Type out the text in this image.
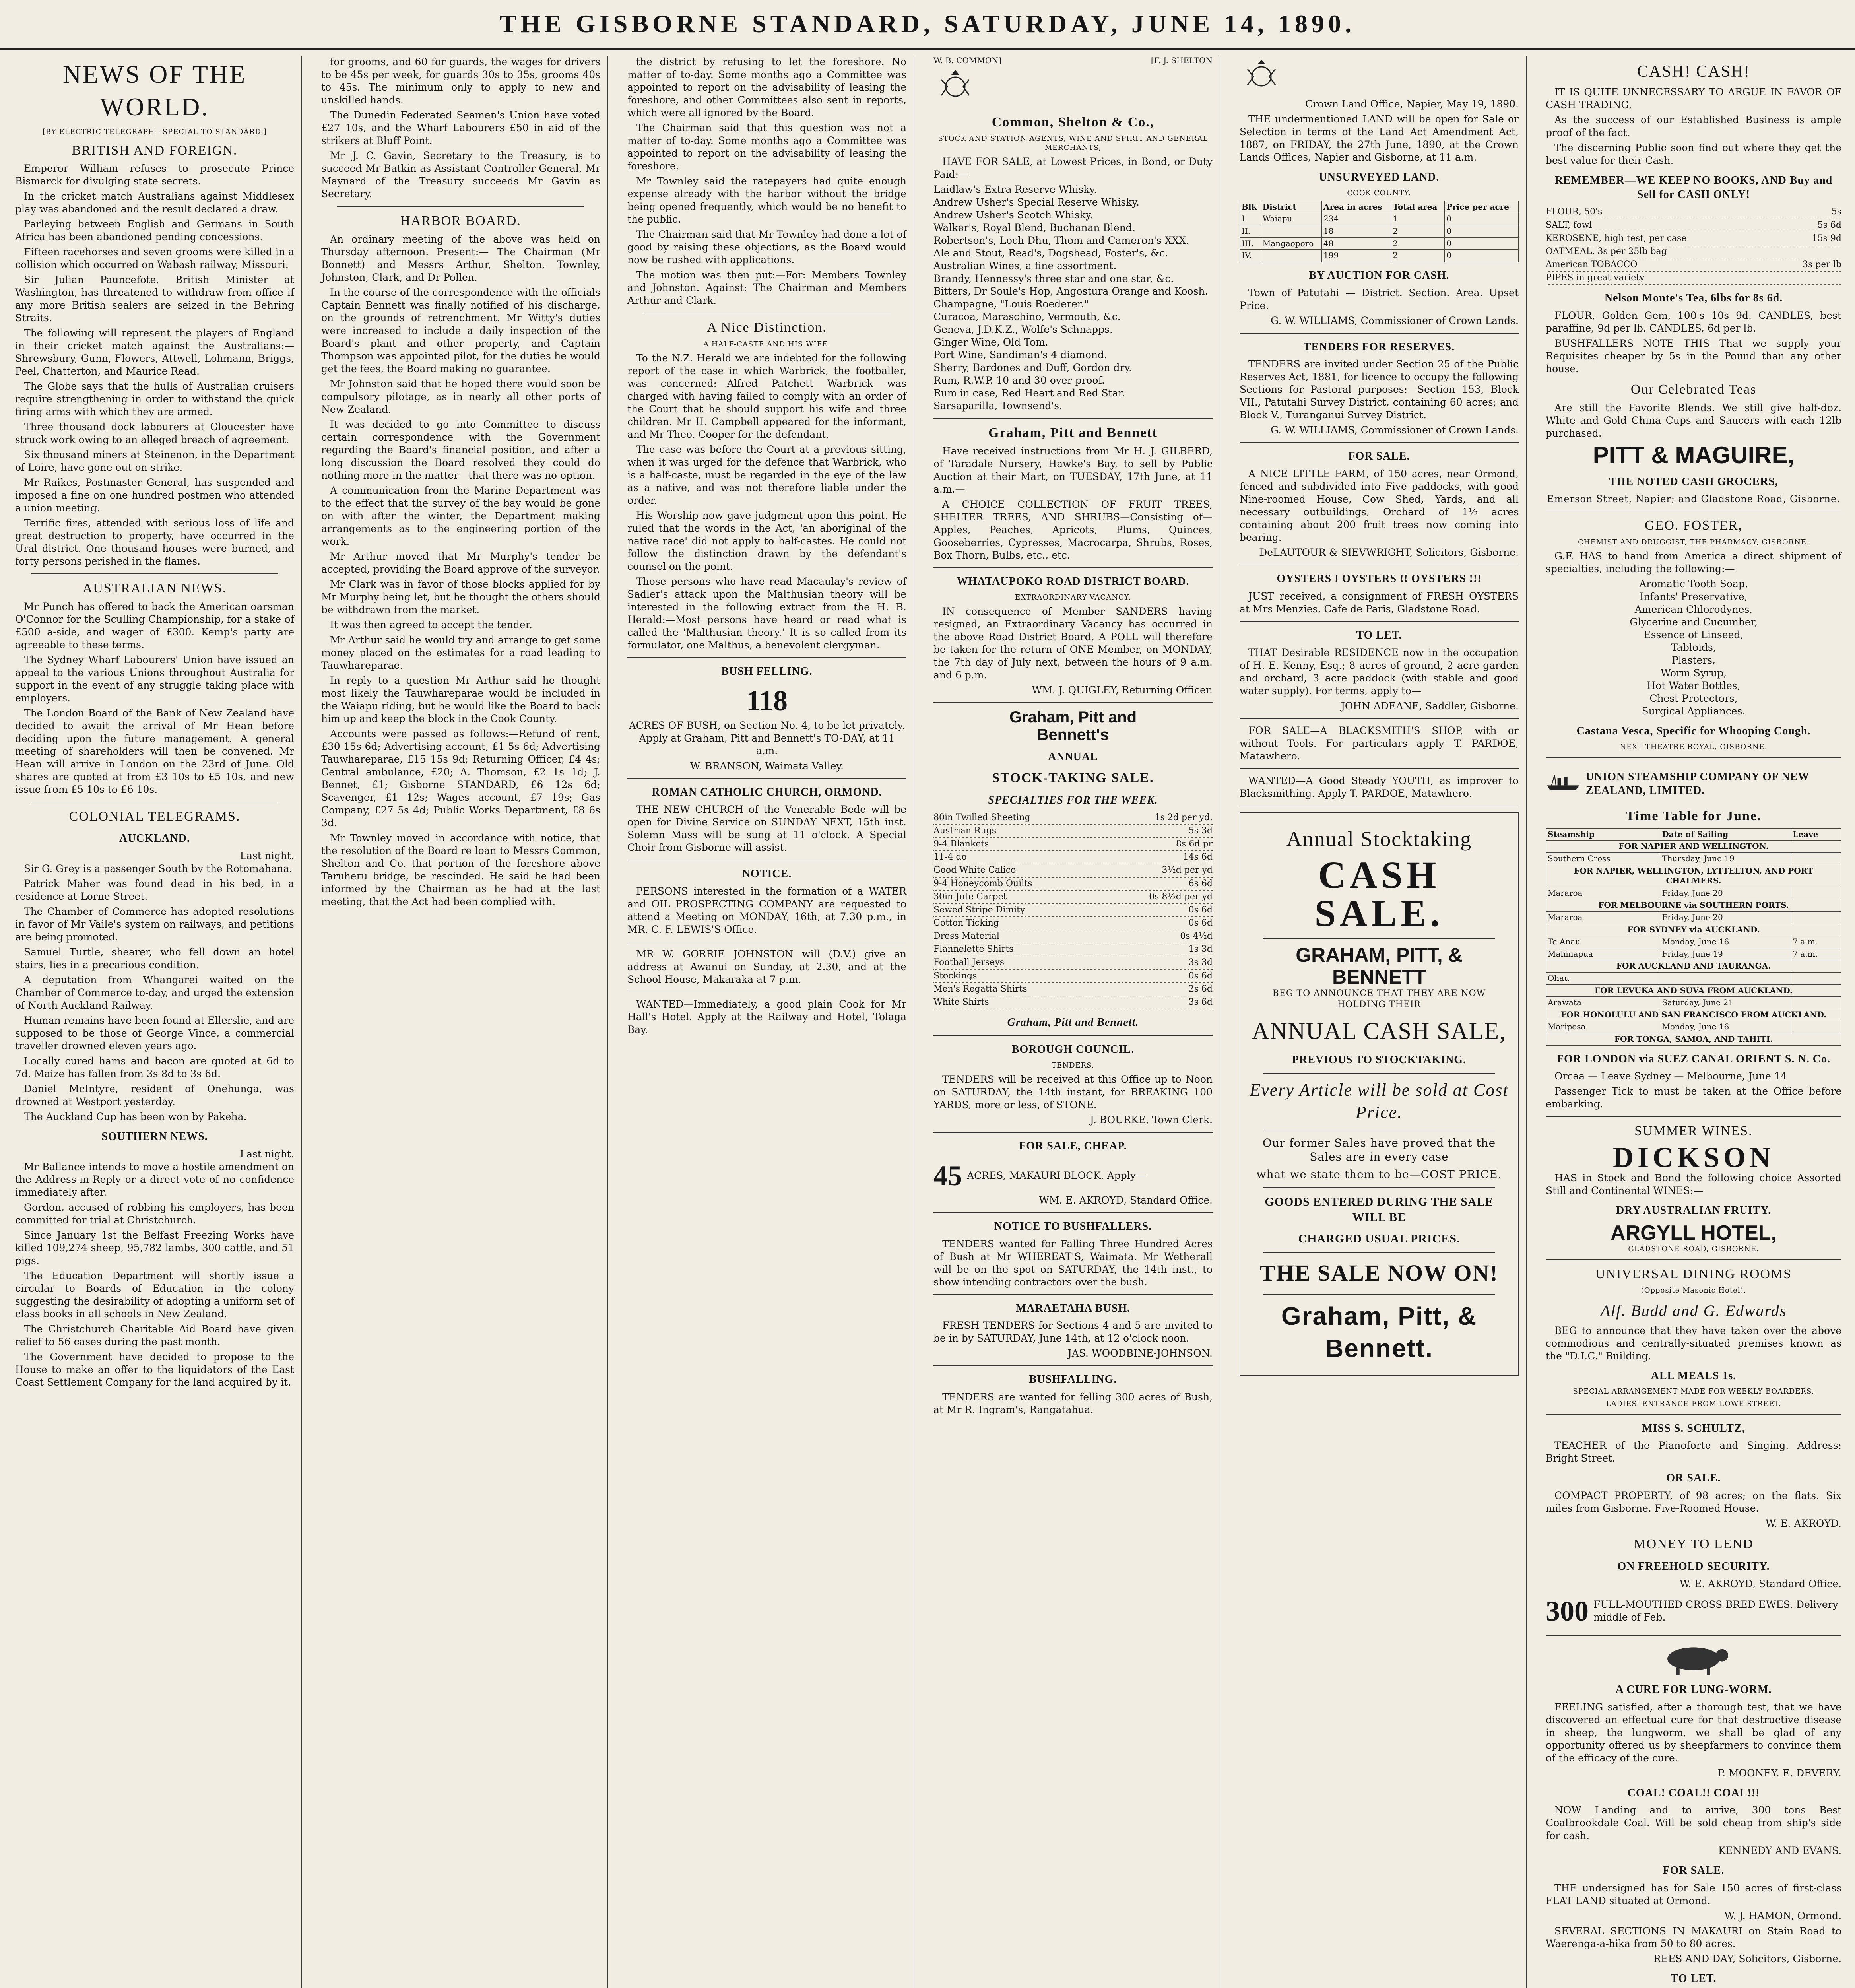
THE GISBORNE STANDARD, SATURDAY, JUNE 14, 1890.
NEWS OF THE WORLD.
[BY ELECTRIC TELEGRAPH—SPECIAL TO STANDARD.]
BRITISH AND FOREIGN.

Emperor William refuses to prosecute Prince Bismarck for divulging state secrets.

In the cricket match Australians against Middlesex play was abandoned and the result declared a draw.

Parleying between English and Germans in South Africa has been abandoned pending concessions.

Fifteen racehorses and seven grooms were killed in a collision which occurred on Wabash railway, Missouri.

Sir Julian Pauncefote, British Minister at Washington, has threatened to withdraw from office if any more British sealers are seized in the Behring Straits.

The following will represent the players of England in their cricket match against the Australians:—Shrewsbury, Gunn, Flowers, Attwell, Lohmann, Briggs, Peel, Chatterton, and Maurice Read.

The Globe says that the hulls of Australian cruisers require strengthening in order to withstand the quick firing arms with which they are armed.

Three thousand dock labourers at Gloucester have struck work owing to an alleged breach of agreement.

Six thousand miners at Steinenon, in the Department of Loire, have gone out on strike.

Mr Raikes, Postmaster General, has suspended and imposed a fine on one hundred postmen who attended a union meeting.

Terrific fires, attended with serious loss of life and great destruction to property, have occurred in the Ural district. One thousand houses were burned, and forty persons perished in the flames.

AUSTRALIAN NEWS.

Mr Punch has offered to back the American oarsman O'Connor for the Sculling Championship, for a stake of £500 a-side, and wager of £300. Kemp's party are agreeable to these terms.

The Sydney Wharf Labourers' Union have issued an appeal to the various Unions throughout Australia for support in the event of any struggle taking place with employers.

The London Board of the Bank of New Zealand have decided to await the arrival of Mr Hean before deciding upon the future management. A general meeting of shareholders will then be convened. Mr Hean will arrive in London on the 23rd of June. Old shares are quoted at from £3 10s to £5 10s, and new issue from £5 10s to £6 10s.

COLONIAL TELEGRAMS.
AUCKLAND.
Last night.

Sir G. Grey is a passenger South by the Rotomahana.

Patrick Maher was found dead in his bed, in a residence at Lorne Street.

The Chamber of Commerce has adopted resolutions in favor of Mr Vaile's system on railways, and petitions are being promoted.

Samuel Turtle, shearer, who fell down an hotel stairs, lies in a precarious condition.

A deputation from Whangarei waited on the Chamber of Commerce to-day, and urged the extension of North Auckland Railway.

Human remains have been found at Ellerslie, and are supposed to be those of George Vince, a commercial traveller drowned eleven years ago.

Locally cured hams and bacon are quoted at 6d to 7d. Maize has fallen from 3s 8d to 3s 6d.

Daniel McIntyre, resident of Onehunga, was drowned at Westport yesterday.

The Auckland Cup has been won by Pakeha.

SOUTHERN NEWS.
Last night.

Mr Ballance intends to move a hostile amendment on the Address-in-Reply or a direct vote of no confidence immediately after.

Gordon, accused of robbing his employers, has been committed for trial at Christchurch.

Since January 1st the Belfast Freezing Works have killed 109,274 sheep, 95,782 lambs, 300 cattle, and 51 pigs.

The Education Department will shortly issue a circular to Boards of Education in the colony suggesting the desirability of adopting a uniform set of class books in all schools in New Zealand.

The Christchurch Charitable Aid Board have given relief to 56 cases during the past month.

The Government have decided to propose to the House to make an offer to the liquidators of the East Coast Settlement Company for the land acquired by it.

for grooms, and 60 for guards, the wages for drivers to be 45s per week, for guards 30s to 35s, grooms 40s to 45s. The minimum only to apply to new and unskilled hands.

The Dunedin Federated Seamen's Union have voted £27 10s, and the Wharf Labourers £50 in aid of the strikers at Bluff Point.

Mr J. C. Gavin, Secretary to the Treasury, is to succeed Mr Batkin as Assistant Controller General, Mr Maynard of the Treasury succeeds Mr Gavin as Secretary.

HARBOR BOARD.

An ordinary meeting of the above was held on Thursday afternoon. Present:— The Chairman (Mr Bonnett) and Messrs Arthur, Shelton, Townley, Johnston, Clark, and Dr Pollen.

In the course of the correspondence with the officials Captain Bennett was finally notified of his discharge, on the grounds of retrenchment. Mr Witty's duties were increased to include a daily inspection of the Board's plant and other property, and Captain Thompson was appointed pilot, for the duties he would get the fees, the Board making no guarantee.

Mr Johnston said that he hoped there would soon be compulsory pilotage, as in nearly all other ports of New Zealand.

It was decided to go into Committee to discuss certain correspondence with the Government regarding the Board's financial position, and after a long discussion the Board resolved they could do nothing more in the matter—that there was no option.

A communication from the Marine Department was to the effect that the survey of the bay would be gone on with after the winter, the Department making arrangements as to the engineering portion of the work.

Mr Arthur moved that Mr Murphy's tender be accepted, providing the Board approve of the surveyor.

Mr Clark was in favor of those blocks applied for by Mr Murphy being let, but he thought the others should be withdrawn from the market.

It was then agreed to accept the tender.

Mr Arthur said he would try and arrange to get some money placed on the estimates for a road leading to Tauwhareparae.

In reply to a question Mr Arthur said he thought most likely the Tauwhareparae would be included in the Waiapu riding, but he would like the Board to back him up and keep the block in the Cook County.

Accounts were passed as follows:—Refund of rent, £30 15s 6d; Advertising account, £1 5s 6d; Advertising Tauwhareparae, £15 15s 9d; Returning Officer, £4 4s; Central ambulance, £20; A. Thomson, £2 1s 1d; J. Bennet, £1; Gisborne STANDARD, £6 12s 6d; Scavenger, £1 12s; Wages account, £7 19s; Gas Company, £27 5s 4d; Public Works Department, £8 6s 3d.

Mr Townley moved in accordance with notice, that the resolution of the Board re loan to Messrs Common, Shelton and Co. that portion of the foreshore above Taruheru bridge, be rescinded. He said he had been informed by the Chairman as he had at the last meeting, that the Act had been complied with.

the district by refusing to let the foreshore. No matter of to-day. Some months ago a Committee was appointed to report on the advisability of leasing the foreshore, and other Committees also sent in reports, which were all ignored by the Board.

The Chairman said that this question was not a matter of to-day. Some months ago a Committee was appointed to report on the advisability of leasing the foreshore.

Mr Townley said the ratepayers had quite enough expense already with the harbor without the bridge being opened frequently, which would be no benefit to the public.

The Chairman said that Mr Townley had done a lot of good by raising these objections, as the Board would now be rushed with applications.

The motion was then put:—For: Members Townley and Johnston. Against: The Chairman and Members Arthur and Clark.

A Nice Distinction.
A HALF-CASTE AND HIS WIFE.

To the N.Z. Herald we are indebted for the following report of the case in which Warbrick, the footballer, was concerned:—Alfred Patchett Warbrick was charged with having failed to comply with an order of the Court that he should support his wife and three children. Mr H. Campbell appeared for the informant, and Mr Theo. Cooper for the defendant.

The case was before the Court at a previous sitting, when it was urged for the defence that Warbrick, who is a half-caste, must be regarded in the eye of the law as a native, and was not therefore liable under the order.

His Worship now gave judgment upon this point. He ruled that the words in the Act, 'an aboriginal of the native race' did not apply to half-castes. He could not follow the distinction drawn by the defendant's counsel on the point.

Those persons who have read Macaulay's review of Sadler's attack upon the Malthusian theory will be interested in the following extract from the H. B. Herald:—Most persons have heard or read what is called the 'Malthusian theory.' It is so called from its formulator, one Malthus, a benevolent clergyman.

BUSH FELLING.
118

ACRES OF BUSH, on Section No. 4, to be let privately. Apply at Graham, Pitt and Bennett's TO-DAY, at 11 a.m.

W. BRANSON, Waimata Valley.

ROMAN CATHOLIC CHURCH, ORMOND.

THE NEW CHURCH of the Venerable Bede will be open for Divine Service on SUNDAY NEXT, 15th inst. Solemn Mass will be sung at 11 o'clock. A Special Choir from Gisborne will assist.

NOTICE.

PERSONS interested in the formation of a WATER and OIL PROSPECTING COMPANY are requested to attend a Meeting on MONDAY, 16th, at 7.30 p.m., in MR. C. F. LEWIS'S Office.

MR W. GORRIE JOHNSTON will (D.V.) give an address at Awanui on Sunday, at 2.30, and at the School House, Makaraka at 7 p.m.

WANTED—Immediately, a good plain Cook for Mr Hall's Hotel. Apply at the Railway and Hotel, Tolaga Bay.

W. B. COMMON]	[F. J. SHELTON
Common, Shelton & Co.,
STOCK AND STATION AGENTS, WINE AND SPIRIT AND GENERAL MERCHANTS,

HAVE FOR SALE, at Lowest Prices, in Bond, or Duty Paid:—

Laidlaw's Extra Reserve Whisky.
Andrew Usher's Special Reserve Whisky.
Andrew Usher's Scotch Whisky.
Walker's, Royal Blend, Buchanan Blend.
Robertson's, Loch Dhu, Thom and Cameron's XXX.
Ale and Stout, Read's, Dogshead, Foster's, &c.
Australian Wines, a fine assortment.
Brandy, Hennessy's three star and one star, &c.
Bitters, Dr Soule's Hop, Angostura Orange and Koosh.
Champagne, "Louis Roederer."
Curacoa, Maraschino, Vermouth, &c.
Geneva, J.D.K.Z., Wolfe's Schnapps.
Ginger Wine, Old Tom.
Port Wine, Sandiman's 4 diamond.
Sherry, Bardones and Duff, Gordon dry.
Rum, R.W.P. 10 and 30 over proof.
Rum in case, Red Heart and Red Star.
Sarsaparilla, Townsend's.
Graham, Pitt and Bennett

Have received instructions from Mr H. J. GILBERD, of Taradale Nursery, Hawke's Bay, to sell by Public Auction at their Mart, on TUESDAY, 17th June, at 11 a.m.—

A CHOICE COLLECTION OF FRUIT TREES, SHELTER TREES, AND SHRUBS—Consisting of—Apples, Peaches, Apricots, Plums, Quinces, Gooseberries, Cypresses, Macrocarpa, Shrubs, Roses, Box Thorn, Bulbs, etc., etc.

WHATAUPOKO ROAD DISTRICT BOARD.
EXTRAORDINARY VACANCY.

IN consequence of Member SANDERS having resigned, an Extraordinary Vacancy has occurred in the above Road District Board. A POLL will therefore be taken for the return of ONE Member, on MONDAY, the 7th day of July next, between the hours of 9 a.m. and 6 p.m.

WM. J. QUIGLEY, Returning Officer.

Graham, Pitt and
Bennett's
ANNUAL
STOCK-TAKING SALE.
SPECIALTIES FOR THE WEEK.
80in Twilled Sheeting	1s 2d per yd.
Austrian Rugs	5s 3d
9-4 Blankets	8s 6d pr
11-4 do	14s 6d
Good White Calico	3½d per yd
9-4 Honeycomb Quilts	6s 6d
30in Jute Carpet	0s 8½d per yd
Sewed Stripe Dimity	0s 6d
Cotton Ticking	0s 6d
Dress Material	0s 4½d
Flannelette Shirts	1s 3d
Football Jerseys	3s 3d
Stockings	0s 6d
Men's Regatta Shirts	2s 6d
White Shirts	3s 6d
Graham, Pitt and Bennett.
BOROUGH COUNCIL.
TENDERS.

TENDERS will be received at this Office up to Noon on SATURDAY, the 14th instant, for BREAKING 100 YARDS, more or less, of STONE.

J. BOURKE, Town Clerk.

FOR SALE, CHEAP.
45 ACRES, MAKAURI BLOCK. Apply—

WM. E. AKROYD, Standard Office.

NOTICE TO BUSHFALLERS.

TENDERS wanted for Falling Three Hundred Acres of Bush at Mr WHEREAT'S, Waimata. Mr Wetherall will be on the spot on SATURDAY, the 14th inst., to show intending contractors over the bush.

MARAETAHA BUSH.

FRESH TENDERS for Sections 4 and 5 are invited to be in by SATURDAY, June 14th, at 12 o'clock noon.

JAS. WOODBINE-JOHNSON.

BUSHFALLING.

TENDERS are wanted for felling 300 acres of Bush, at Mr R. Ingram's, Rangatahua.

Crown Land Office, Napier, May 19, 1890.

THE undermentioned LAND will be open for Sale or Selection in terms of the Land Act Amendment Act, 1887, on FRIDAY, the 27th June, 1890, at the Crown Lands Offices, Napier and Gisborne, at 11 a.m.

UNSURVEYED LAND.
COOK COUNTY.
Blk	District	Area in acres	Total area	Price per acre
I.	Waiapu	234	1	0
II.		18	2	0
III.	Mangaoporo	48	2	0
IV.		199	2	0
BY AUCTION FOR CASH.

Town of Patutahi — District. Section. Area. Upset Price.

G. W. WILLIAMS, Commissioner of Crown Lands.

TENDERS FOR RESERVES.

TENDERS are invited under Section 25 of the Public Reserves Act, 1881, for licence to occupy the following Sections for Pastoral purposes:—Section 153, Block VII., Patutahi Survey District, containing 60 acres; and Block V., Turanganui Survey District.

G. W. WILLIAMS, Commissioner of Crown Lands.

FOR SALE.

A NICE LITTLE FARM, of 150 acres, near Ormond, fenced and subdivided into Five paddocks, with good Nine-roomed House, Cow Shed, Yards, and all necessary outbuildings, Orchard of 1½ acres containing about 200 fruit trees now coming into bearing.

DeLAUTOUR & SIEVWRIGHT, Solicitors, Gisborne.

OYSTERS ! OYSTERS !! OYSTERS !!!

JUST received, a consignment of FRESH OYSTERS at Mrs Menzies, Cafe de Paris, Gladstone Road.

TO LET.

THAT Desirable RESIDENCE now in the occupation of H. E. Kenny, Esq.; 8 acres of ground, 2 acre garden and orchard, 3 acre paddock (with stable and good water supply). For terms, apply to—

JOHN ADEANE, Saddler, Gisborne.

FOR SALE—A BLACKSMITH'S SHOP, with or without Tools. For particulars apply—T. PARDOE, Matawhero.

WANTED—A Good Steady YOUTH, as improver to Blacksmithing. Apply T. PARDOE, Matawhero.

Annual Stocktaking
CASH SALE.
GRAHAM, PITT, & BENNETT
BEG TO ANNOUNCE THAT THEY ARE NOW HOLDING THEIR
ANNUAL CASH SALE,
PREVIOUS TO STOCKTAKING.
Every Article will be sold at Cost Price.
Our former Sales have proved that the Sales are in every case
what we state them to be—COST PRICE.
GOODS ENTERED DURING THE SALE WILL BE
CHARGED USUAL PRICES.
THE SALE NOW ON!
Graham, Pitt, & Bennett.
CASH! CASH!

IT IS QUITE UNNECESSARY TO ARGUE IN FAVOR OF CASH TRADING,

As the success of our Established Business is ample proof of the fact.

The discerning Public soon find out where they get the best value for their Cash.

REMEMBER—WE KEEP NO BOOKS, AND Buy and Sell for CASH ONLY!
FLOUR, 50's	5s
SALT, fowl	5s 6d
KEROSENE, high test, per case	15s 9d
OATMEAL, 3s per 25lb bag
American TOBACCO	3s per lb
PIPES in great variety
Nelson Monte's Tea, 6lbs for 8s 6d.

FLOUR, Golden Gem, 100's 10s 9d. CANDLES, best paraffine, 9d per lb. CANDLES, 6d per lb.

BUSHFALLERS NOTE THIS—That we supply your Requisites cheaper by 5s in the Pound than any other house.

Our Celebrated Teas

Are still the Favorite Blends. We still give half-doz. White and Gold China Cups and Saucers with each 12lb purchased.

PITT & MAGUIRE,
THE NOTED CASH GROCERS,
Emerson Street, Napier; and Gladstone Road, Gisborne.
GEO. FOSTER,
CHEMIST AND DRUGGIST, THE PHARMACY, GISBORNE.

G.F. HAS to hand from America a direct shipment of specialties, including the following:—

Aromatic Tooth Soap,
Infants' Preservative,
American Chlorodynes,
Glycerine and Cucumber,
Essence of Linseed,
Tabloids,
Plasters,
Worm Syrup,
Hot Water Bottles,
Chest Protectors,
Surgical Appliances.
Castana Vesca, Specific for Whooping Cough.
NEXT THEATRE ROYAL, GISBORNE.
UNION STEAMSHIP COMPANY OF NEW ZEALAND, LIMITED.
Time Table for June.
Steamship	Date of Sailing	Leave
FOR NAPIER AND WELLINGTON.		
Southern Cross	Thursday, June 19	
FOR NAPIER, WELLINGTON, LYTTELTON, AND PORT CHALMERS.		
Mararoa	Friday, June 20	
FOR MELBOURNE via SOUTHERN PORTS.		
Mararoa	Friday, June 20	
FOR SYDNEY via AUCKLAND.		
Te Anau	Monday, June 16	7 a.m.
Mahinapua	Friday, June 19	7 a.m.
FOR AUCKLAND AND TAURANGA.		
Ohau		
FOR LEVUKA AND SUVA FROM AUCKLAND.		
Arawata	Saturday, June 21	
FOR HONOLULU AND SAN FRANCISCO FROM AUCKLAND.		
Mariposa	Monday, June 16	
FOR TONGA, SAMOA, AND TAHITI.		
FOR LONDON via SUEZ CANAL ORIENT S. N. Co.

Orcaa — Leave Sydney — Melbourne, June 14

Passenger Tick to must be taken at the Office before embarking.

SUMMER WINES.
DICKSON

HAS in Stock and Bond the following choice Assorted Still and Continental WINES:—

DRY AUSTRALIAN FRUITY.
ARGYLL HOTEL,
GLADSTONE ROAD, GISBORNE.
UNIVERSAL DINING ROOMS
(Opposite Masonic Hotel).
Alf. Budd and G. Edwards

BEG to announce that they have taken over the above commodious and centrally-situated premises known as the "D.I.C." Building.

ALL MEALS 1s.
SPECIAL ARRANGEMENT MADE FOR WEEKLY BOARDERS.
LADIES' ENTRANCE FROM LOWE STREET.
MISS S. SCHULTZ,

TEACHER of the Pianoforte and Singing. Address: Bright Street.

OR SALE.

COMPACT PROPERTY, of 98 acres; on the flats. Six miles from Gisborne. Five-Roomed House.

W. E. AKROYD.

MONEY TO LEND
ON FREEHOLD SECURITY.

W. E. AKROYD, Standard Office.

300 FULL-MOUTHED CROSS BRED EWES. Delivery middle of Feb.
A CURE FOR LUNG-WORM.

FEELING satisfied, after a thorough test, that we have discovered an effectual cure for that destructive disease in sheep, the lungworm, we shall be glad of any opportunity offered us by sheepfarmers to convince them of the efficacy of the cure.

P. MOONEY. E. DEVERY.

COAL! COAL!! COAL!!!

NOW Landing and to arrive, 300 tons Best Coalbrookdale Coal. Will be sold cheap from ship's side for cash.

KENNEDY AND EVANS.

FOR SALE.

THE undersigned has for Sale 150 acres of first-class FLAT LAND situated at Ormond.

W. J. HAMON, Ormond.

SEVERAL SECTIONS IN MAKAURI on Stain Road to Waerenga-a-hika from 50 to 80 acres.

REES AND DAY, Solicitors, Gisborne.

TO LET.
